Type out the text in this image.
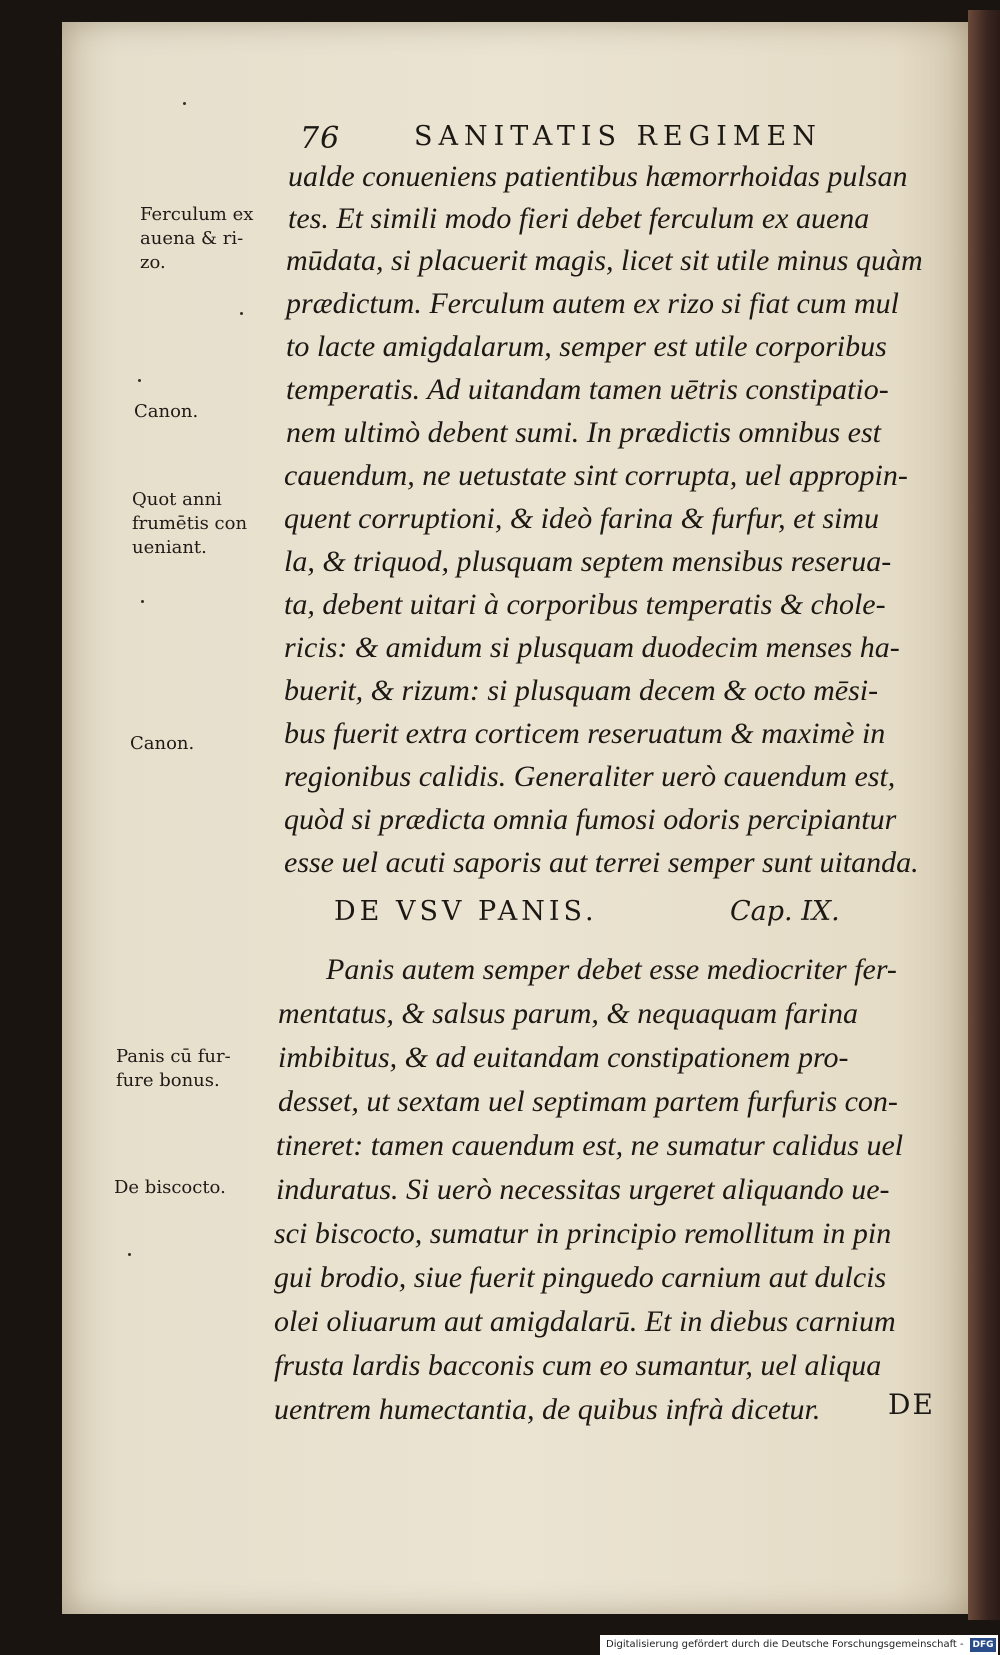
76	SANITATIS REGIMEN
ualde conueniens patientibus hæmorrhoidas pulsan
tes. Et simili modo fieri debet ferculum ex auena
mūdata, si placuerit magis, licet sit utile minus quàm
prædictum. Ferculum autem ex rizo si fiat cum mul
to lacte amigdalarum, semper est utile corporibus
temperatis. Ad uitandam tamen uētris constipatio-
nem ultimò debent sumi. In prædictis omnibus est
cauendum, ne uetustate sint corrupta, uel appropin-
quent corruptioni, & ideò farina & furfur, et simu
la, & triquod, plusquam septem mensibus reserua-
ta, debent uitari à corporibus temperatis & chole-
ricis: & amidum si plusquam duodecim menses ha-
buerit, & rizum: si plusquam decem & octo mēsi-
bus fuerit extra corticem reseruatum & maximè in
regionibus calidis. Generaliter uerò cauendum est,
quòd si prædicta omnia fumosi odoris percipiantur
esse uel acuti saporis aut terrei semper sunt uitanda.
DE VSV PANIS.	Cap. IX.
Panis autem semper debet esse mediocriter fer-
mentatus, & salsus parum, & nequaquam farina
imbibitus, & ad euitandam constipationem pro-
desset, ut sextam uel septimam partem furfuris con-
tineret: tamen cauendum est, ne sumatur calidus uel
induratus. Si uerò necessitas urgeret aliquando ue-
sci biscocto, sumatur in principio remollitum in pin
gui brodio, siue fuerit pinguedo carnium aut dulcis
olei oliuarum aut amigdalarū. Et in diebus carnium
frusta lardis bacconis cum eo sumantur, uel aliqua
uentrem humectantia, de quibus infrà dicetur. DE
Ferculum ex
auena & ri-
zo.
Canon.
Quot anni
frumētis con
ueniant.
Canon.
Panis cū fur-
fure bonus.
De biscocto.
Digitalisierung gefördert durch die Deutsche Forschungsgemeinschaft - DFG
